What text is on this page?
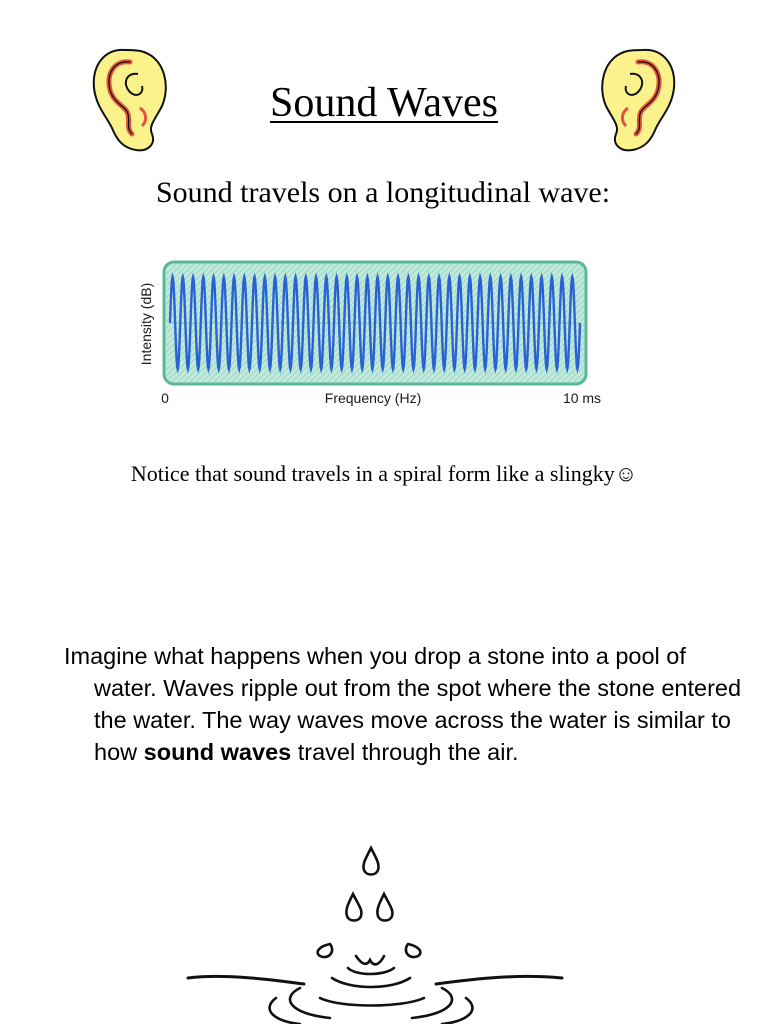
Sound Waves
Sound travels on a longitudinal wave:
Intensity (dB)
0	Frequency (Hz)	10 ms
Notice that sound travels in a spiral form like a slingky☺
Imagine what happens when you drop a stone into a pool of water. Waves ripple out from the spot where the stone entered the water. The way waves move across the water is similar to how sound waves travel through the air.
